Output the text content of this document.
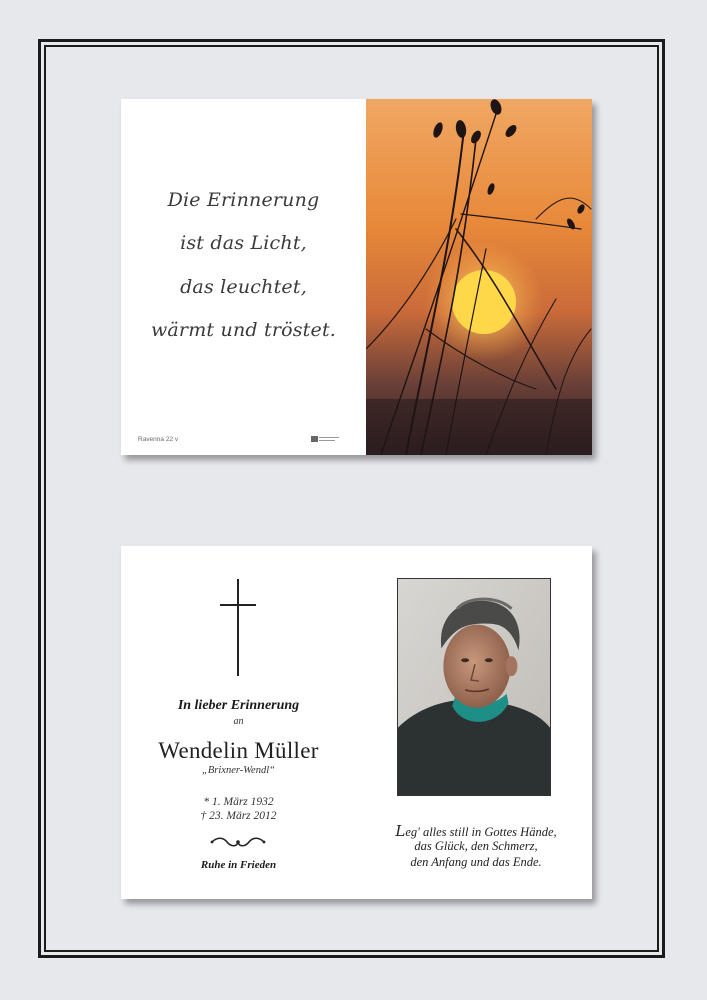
Die Erinnerung
ist das Licht,
das leuchtet,
wärmt und tröstet.
Ravenna 22 v
In lieber Erinnerung
an
Wendelin Müller
„Brixner-Wendl“
* 1. März 1932
† 23. März 2012
Ruhe in Frieden
Leg' alles still in Gottes Hände,
das Glück, den Schmerz,
den Anfang und das Ende.
